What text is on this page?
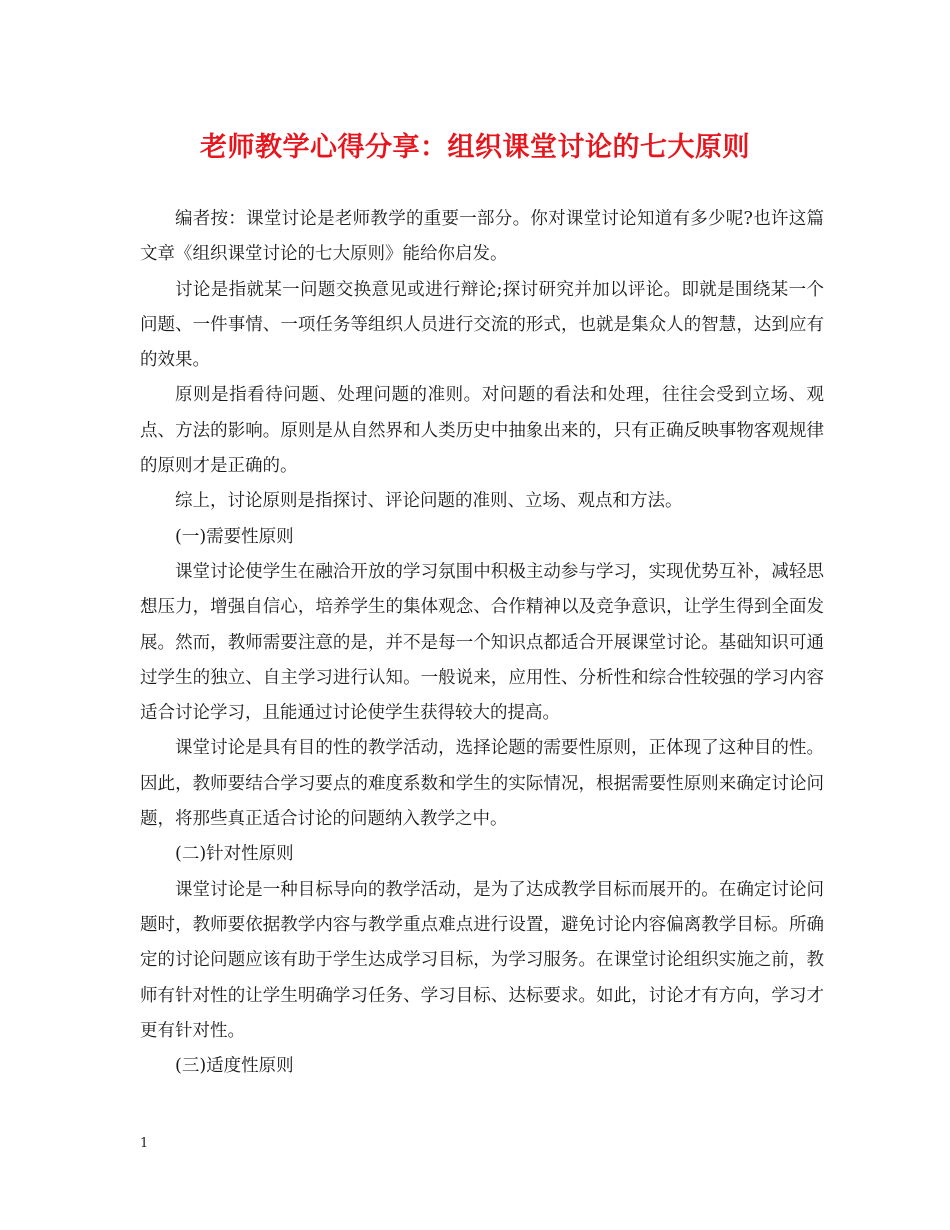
老师教学心得分享：组织课堂讨论的七大原则

编者按：课堂讨论是老师教学的重要一部分。你对课堂讨论知道有多少呢?也许这篇文章《组织课堂讨论的七大原则》能给你启发。

讨论是指就某一问题交换意见或进行辩论;探讨研究并加以评论。即就是围绕某一个问题、一件事情、一项任务等组织人员进行交流的形式，也就是集众人的智慧，达到应有的效果。

原则是指看待问题、处理问题的准则。对问题的看法和处理，往往会受到立场、观点、方法的影响。原则是从自然界和人类历史中抽象出来的，只有正确反映事物客观规律的原则才是正确的。

综上，讨论原则是指探讨、评论问题的准则、立场、观点和方法。

(一)需要性原则

课堂讨论使学生在融洽开放的学习氛围中积极主动参与学习，实现优势互补，减轻思想压力，增强自信心，培养学生的集体观念、合作精神以及竞争意识，让学生得到全面发展。然而，教师需要注意的是，并不是每一个知识点都适合开展课堂讨论。基础知识可通过学生的独立、自主学习进行认知。一般说来，应用性、分析性和综合性较强的学习内容适合讨论学习，且能通过讨论使学生获得较大的提高。

课堂讨论是具有目的性的教学活动，选择论题的需要性原则，正体现了这种目的性。因此，教师要结合学习要点的难度系数和学生的实际情况，根据需要性原则来确定讨论问题，将那些真正适合讨论的问题纳入教学之中。

(二)针对性原则

课堂讨论是一种目标导向的教学活动，是为了达成教学目标而展开的。在确定讨论问题时，教师要依据教学内容与教学重点难点进行设置，避免讨论内容偏离教学目标。所确定的讨论问题应该有助于学生达成学习目标，为学习服务。在课堂讨论组织实施之前，教师有针对性的让学生明确学习任务、学习目标、达标要求。如此，讨论才有方向，学习才更有针对性。

(三)适度性原则

1
